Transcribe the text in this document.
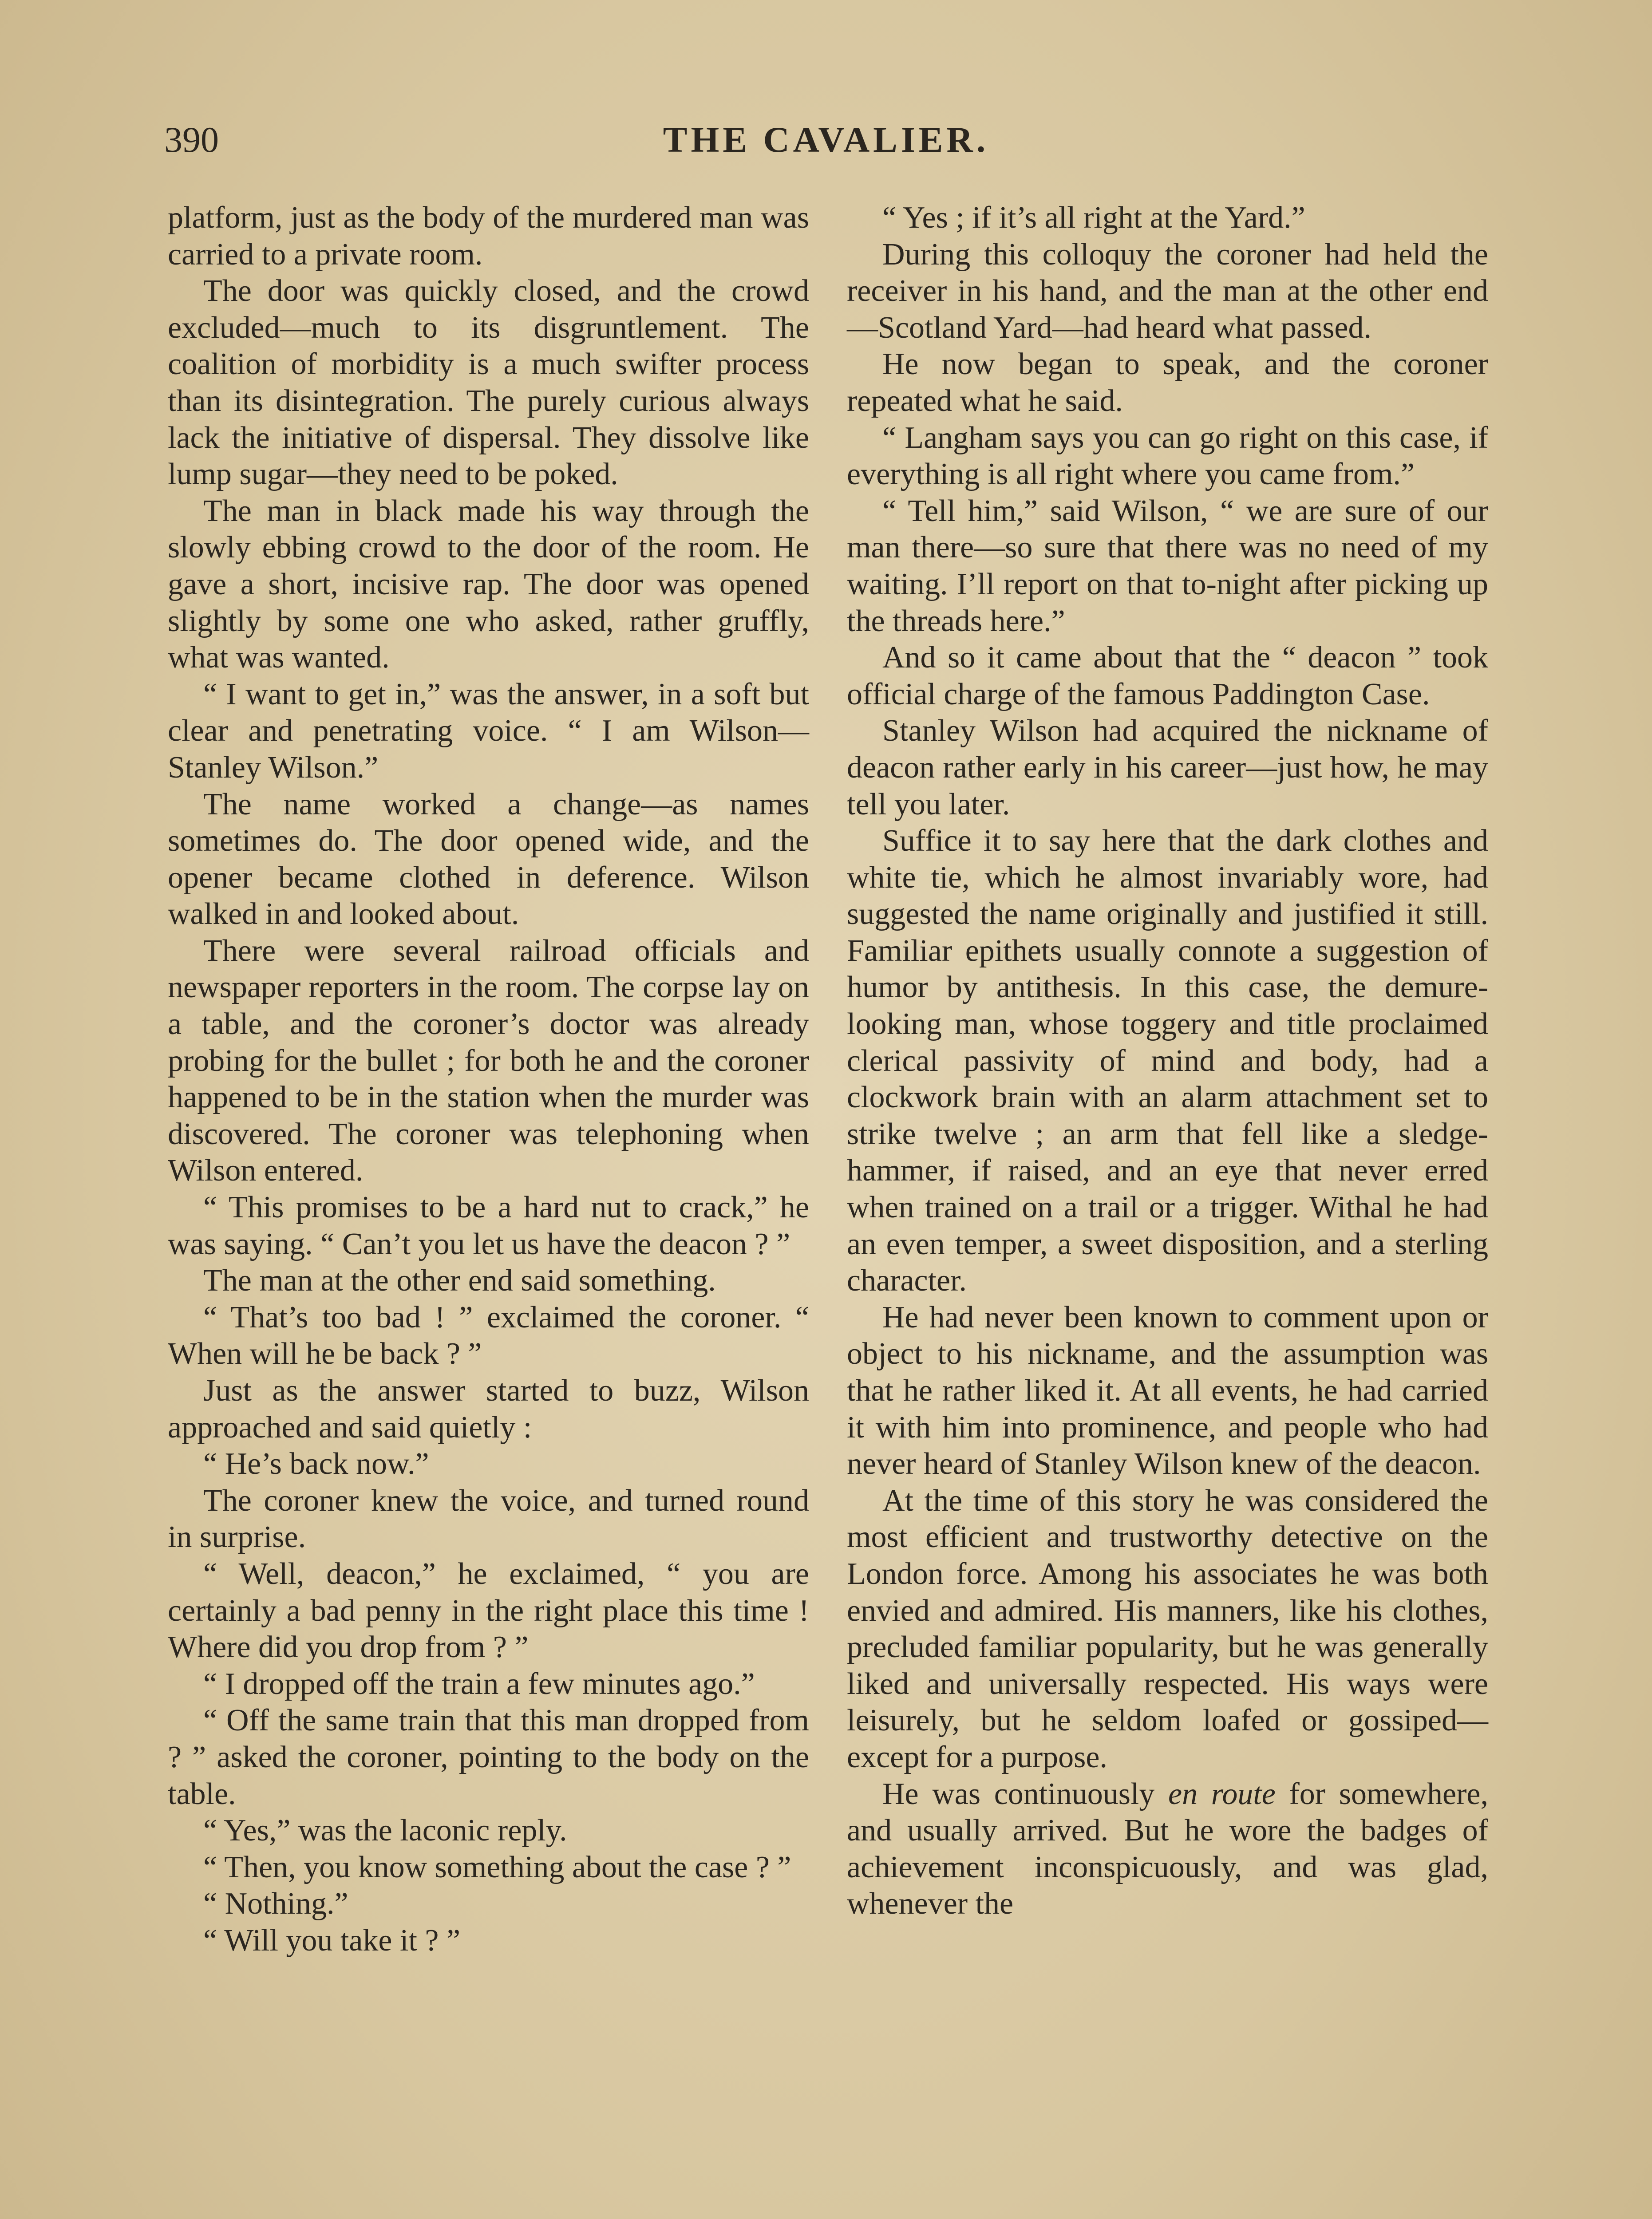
390	THE CAVALIER.

platform, just as the body of the murdered man was carried to a private room.

The door was quickly closed, and the crowd excluded—much to its disgruntlement. The coalition of morbidity is a much swifter process than its disintegration. The purely curious always lack the initiative of dispersal. They dissolve like lump sugar—they need to be poked.

The man in black made his way through the slowly ebbing crowd to the door of the room. He gave a short, incisive rap. The door was opened slightly by some one who asked, rather gruffly, what was wanted.

“ I want to get in,” was the answer, in a soft but clear and penetrating voice. “ I am Wilson—Stanley Wilson.”

The name worked a change—as names sometimes do. The door opened wide, and the opener became clothed in deference. Wilson walked in and looked about.

There were several railroad officials and newspaper reporters in the room. The corpse lay on a table, and the coroner’s doctor was already probing for the bullet ; for both he and the coroner happened to be in the station when the murder was discovered. The coroner was telephoning when Wilson entered.

“ This promises to be a hard nut to crack,” he was saying. “ Can’t you let us have the deacon ? ”

The man at the other end said something.

“ That’s too bad ! ” exclaimed the coroner. “ When will he be back ? ”

Just as the answer started to buzz, Wilson approached and said quietly :

“ He’s back now.”

The coroner knew the voice, and turned round in surprise.

“ Well, deacon,” he exclaimed, “ you are certainly a bad penny in the right place this time ! Where did you drop from ? ”

“ I dropped off the train a few minutes ago.”

“ Off the same train that this man dropped from ? ” asked the coroner, pointing to the body on the table.

“ Yes,” was the laconic reply.

“ Then, you know something about the case ? ”

“ Nothing.”

“ Will you take it ? ”

“ Yes ; if it’s all right at the Yard.”

During this colloquy the coroner had held the receiver in his hand, and the man at the other end—Scotland Yard—had heard what passed.

He now began to speak, and the coroner repeated what he said.

“ Langham says you can go right on this case, if everything is all right where you came from.”

“ Tell him,” said Wilson, “ we are sure of our man there—so sure that there was no need of my waiting. I’ll report on that to-night after picking up the threads here.”

And so it came about that the “ deacon ” took official charge of the famous Paddington Case.

Stanley Wilson had acquired the nickname of deacon rather early in his career—just how, he may tell you later.

Suffice it to say here that the dark clothes and white tie, which he almost invariably wore, had suggested the name originally and justified it still. Familiar epithets usually connote a suggestion of humor by antithesis. In this case, the demure-looking man, whose toggery and title proclaimed clerical passivity of mind and body, had a clockwork brain with an alarm attachment set to strike twelve ; an arm that fell like a sledge-hammer, if raised, and an eye that never erred when trained on a trail or a trigger. Withal he had an even temper, a sweet disposition, and a sterling character.

He had never been known to comment upon or object to his nickname, and the assumption was that he rather liked it. At all events, he had carried it with him into prominence, and people who had never heard of Stanley Wilson knew of the deacon.

At the time of this story he was considered the most efficient and trustworthy detective on the London force. Among his associates he was both envied and admired. His manners, like his clothes, precluded familiar popularity, but he was generally liked and universally respected. His ways were leisurely, but he seldom loafed or gossiped—except for a purpose.

He was continuously en route for somewhere, and usually arrived. But he wore the badges of achievement inconspicuously, and was glad, whenever the
